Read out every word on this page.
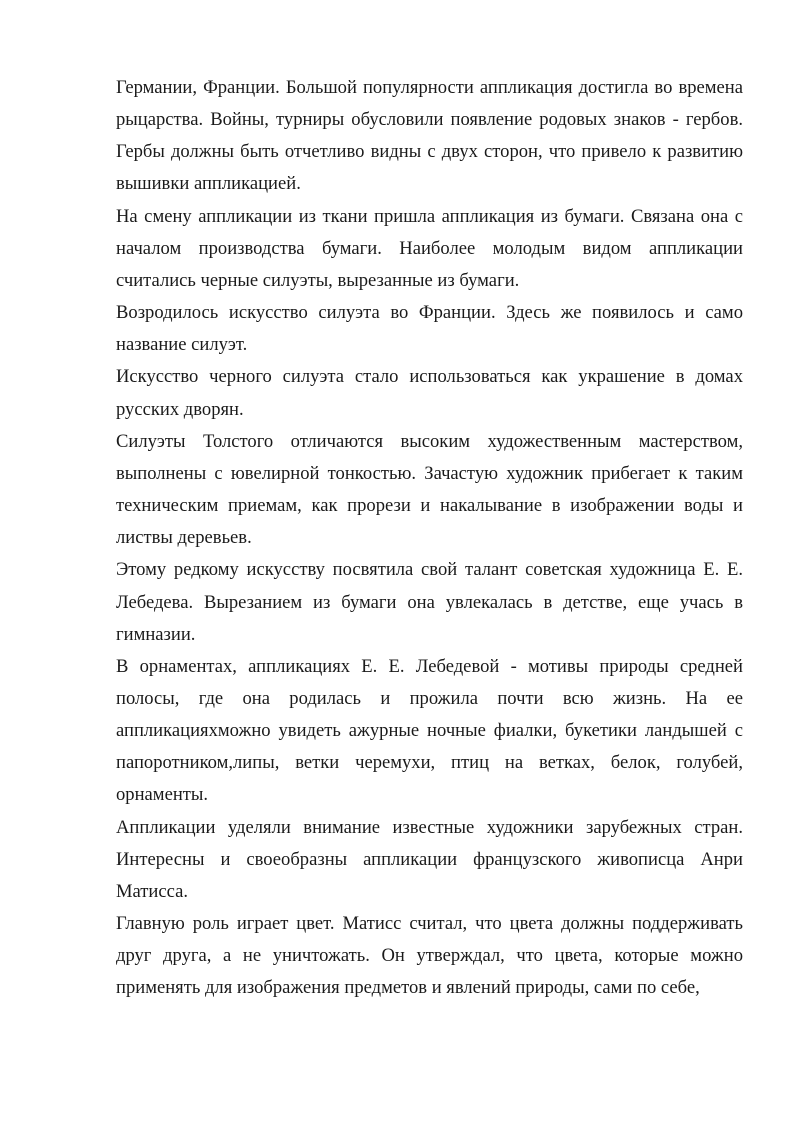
Германии, Франции. Большой популярности аппликация достигла во времена рыцарства. Войны, турниры обусловили появление родовых знаков - гербов. Гербы должны быть отчетливо видны с двух сторон, что привело к развитию вышивки аппликацией.

На смену аппликации из ткани пришла аппликация из бумаги. Связана она с началом производства бумаги. Наиболее молодым видом аппликации считались черные силуэты, вырезанные из бумаги.

Возродилось искусство силуэта во Франции. Здесь же появилось и само название силуэт.

Искусство черного силуэта стало использоваться как украшение в домах русских дворян.

Силуэты Толстого отличаются высоким художественным мастерством, выполнены с ювелирной тонкостью. Зачастую художник прибегает к таким техническим приемам, как прорези и накалывание в изображении воды и листвы деревьев.

Этому редкому искусству посвятила свой талант советская художница Е. Е. Лебедева. Вырезанием из бумаги она увлекалась в детстве, еще учась в гимназии.

В орнаментах, аппликациях Е. Е. Лебедевой - мотивы природы средней полосы, где она родилась и прожила почти всю жизнь. На ее аппликацияхможно увидеть ажурные ночные фиалки, букетики ландышей с папоротником,липы, ветки черемухи, птиц на ветках, белок, голубей, орнаменты.

Аппликации уделяли внимание известные художники зарубежных стран. Интересны и своеобразны аппликации французского живописца Анри Матисса.

Главную роль играет цвет. Матисс считал, что цвета должны поддерживать друг друга, а не уничтожать. Он утверждал, что цвета, которые можно применять для изображения предметов и явлений природы, сами по себе,
